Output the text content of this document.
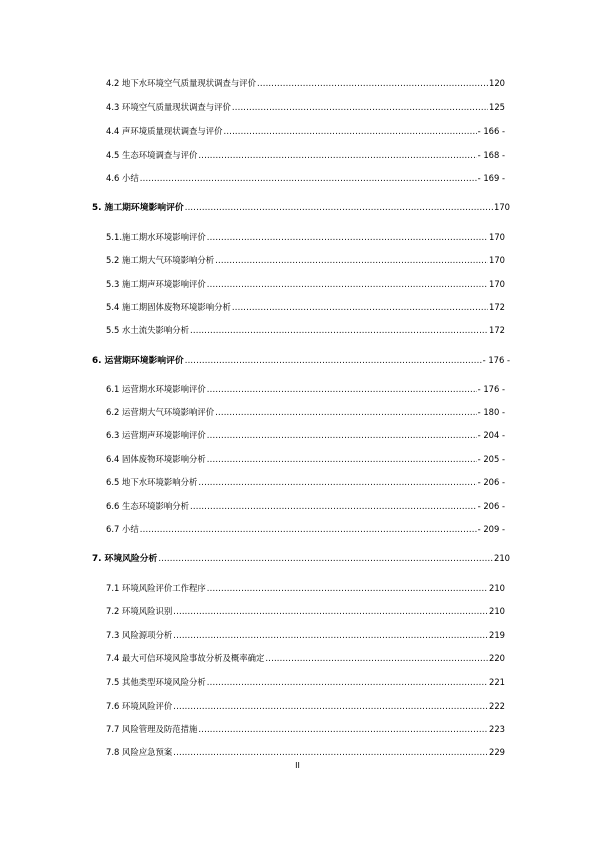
4.2 地下水环境空气质量现状调查与评价 .....	120
4.3 环境空气质量现状调查与评价 .....	125
4.4 声环境质量现状调查与评价 .....	- 166 -
4.5 生态环境调查与评价 .....	- 168 -
4.6 小结 .....	- 169 -
5. 施工期环境影响评价 .....	170
5.1.施工期水环境影响评价 .....	170
5.2 施工期大气环境影响分析 .....	170
5.3 施工期声环境影响评价 .....	170
5.4 施工期固体废物环境影响分析 .....	172
5.5 水土流失影响分析 .....	172
6. 运营期环境影响评价 .....	- 176 -
6.1 运营期水环境影响评价 .....	- 176 -
6.2 运营期大气环境影响评价 .....	- 180 -
6.3 运营期声环境影响评价 .....	- 204 -
6.4 固体废物环境影响分析 .....	- 205 -
6.5 地下水环境影响分析 .....	- 206 -
6.6 生态环境影响分析 .....	- 206 -
6.7 小结 .....	- 209 -
7. 环境风险分析 .....	210
7.1 环境风险评价工作程序 .....	210
7.2 环境风险识别 .....	210
7.3 风险源项分析 .....	219
7.4 最大可信环境风险事故分析及概率确定 .....	220
7.5 其他类型环境风险分析 .....	221
7.6 环境风险评价 .....	222
7.7 风险管理及防范措施 .....	223
7.8 风险应急预案 .....	229
II
